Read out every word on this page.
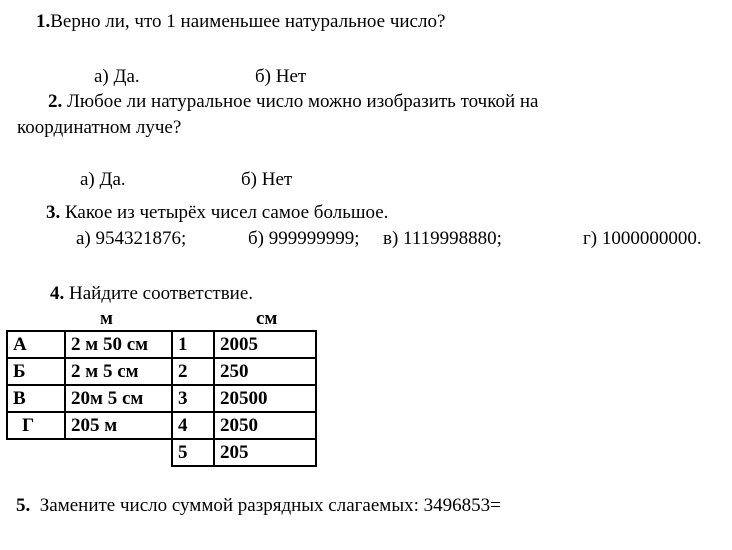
1.Верно ли, что 1 наименьшее натуральное число?
а) Да.	б) Нет
2. Любое ли натуральное число можно изобразить точкой на
координатном луче?
а) Да.	б) Нет
3. Какое из четырёх чисел самое большое.
а) 954321876;	б) 999999999; в) 1119998880;	г) 1000000000.
4. Найдите соответствие.
м	см
А	2 м 50 см	1	2005
Б	2 м 5 см	2	250
В	20м 5 см	3	20500
Г	205 м	4	2050
		5	205
5.  Замените число суммой разрядных слагаемых: 3496853=
